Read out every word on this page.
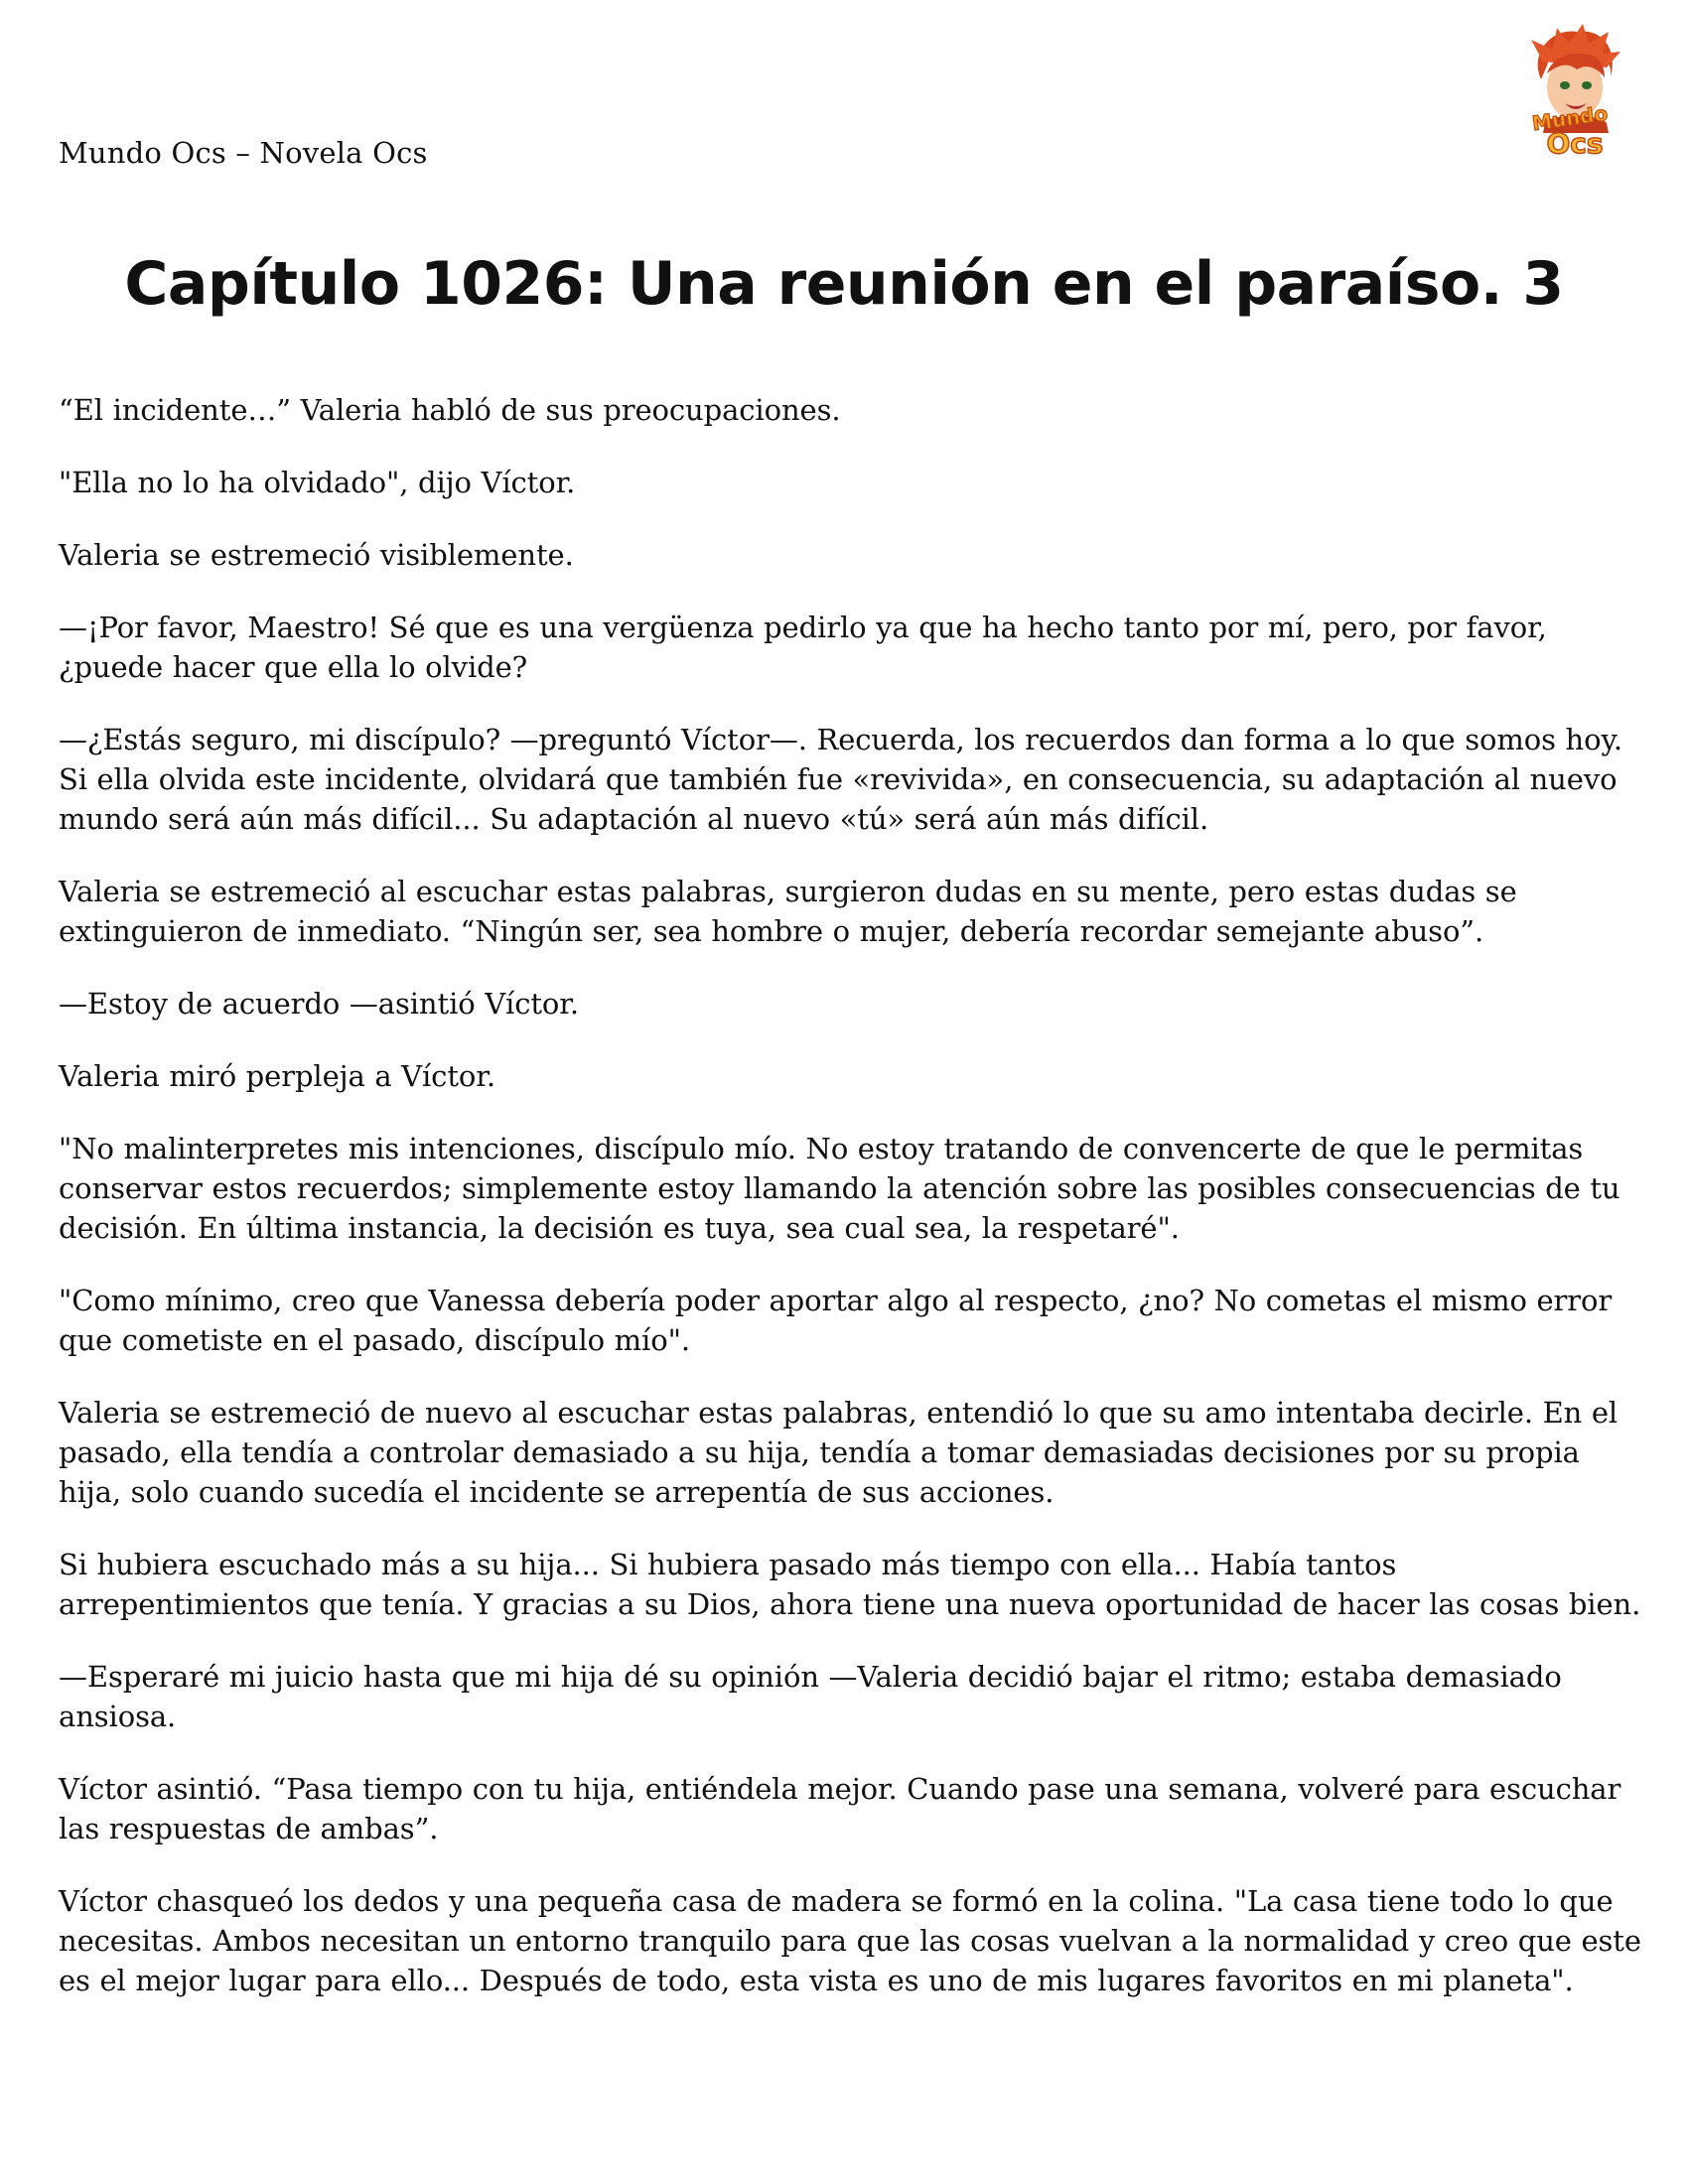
Mundo Ocs – Novela Ocs
Mundo
Ocs
Capítulo 1026: Una reunión en el paraíso. 3

“El incidente…” Valeria habló de sus preocupaciones.

"Ella no lo ha olvidado", dijo Víctor.

Valeria se estremeció visiblemente.

—¡Por favor, Maestro! Sé que es una vergüenza pedirlo ya que ha hecho tanto por mí, pero, por favor, ¿puede hacer que ella lo olvide?

—¿Estás seguro, mi discípulo? —preguntó Víctor—. Recuerda, los recuerdos dan forma a lo que somos hoy. Si ella olvida este incidente, olvidará que también fue «revivida», en consecuencia, su adaptación al nuevo mundo será aún más difícil... Su adaptación al nuevo «tú» será aún más difícil.

Valeria se estremeció al escuchar estas palabras, surgieron dudas en su mente, pero estas dudas se extinguieron de inmediato. “Ningún ser, sea hombre o mujer, debería recordar semejante abuso”.

—Estoy de acuerdo —asintió Víctor.

Valeria miró perpleja a Víctor.

"No malinterpretes mis intenciones, discípulo mío. No estoy tratando de convencerte de que le permitas conservar estos recuerdos; simplemente estoy llamando la atención sobre las posibles consecuencias de tu decisión. En última instancia, la decisión es tuya, sea cual sea, la respetaré".

"Como mínimo, creo que Vanessa debería poder aportar algo al respecto, ¿no? No cometas el mismo error que cometiste en el pasado, discípulo mío".

Valeria se estremeció de nuevo al escuchar estas palabras, entendió lo que su amo intentaba decirle. En el pasado, ella tendía a controlar demasiado a su hija, tendía a tomar demasiadas decisiones por su propia hija, solo cuando sucedía el incidente se arrepentía de sus acciones.

Si hubiera escuchado más a su hija... Si hubiera pasado más tiempo con ella... Había tantos arrepentimientos que tenía. Y gracias a su Dios, ahora tiene una nueva oportunidad de hacer las cosas bien.

—Esperaré mi juicio hasta que mi hija dé su opinión —Valeria decidió bajar el ritmo; estaba demasiado ansiosa.

Víctor asintió. “Pasa tiempo con tu hija, entiéndela mejor. Cuando pase una semana, volveré para escuchar las respuestas de ambas”.

Víctor chasqueó los dedos y una pequeña casa de madera se formó en la colina. "La casa tiene todo lo que necesitas. Ambos necesitan un entorno tranquilo para que las cosas vuelvan a la normalidad y creo que este es el mejor lugar para ello... Después de todo, esta vista es uno de mis lugares favoritos en mi planeta".
